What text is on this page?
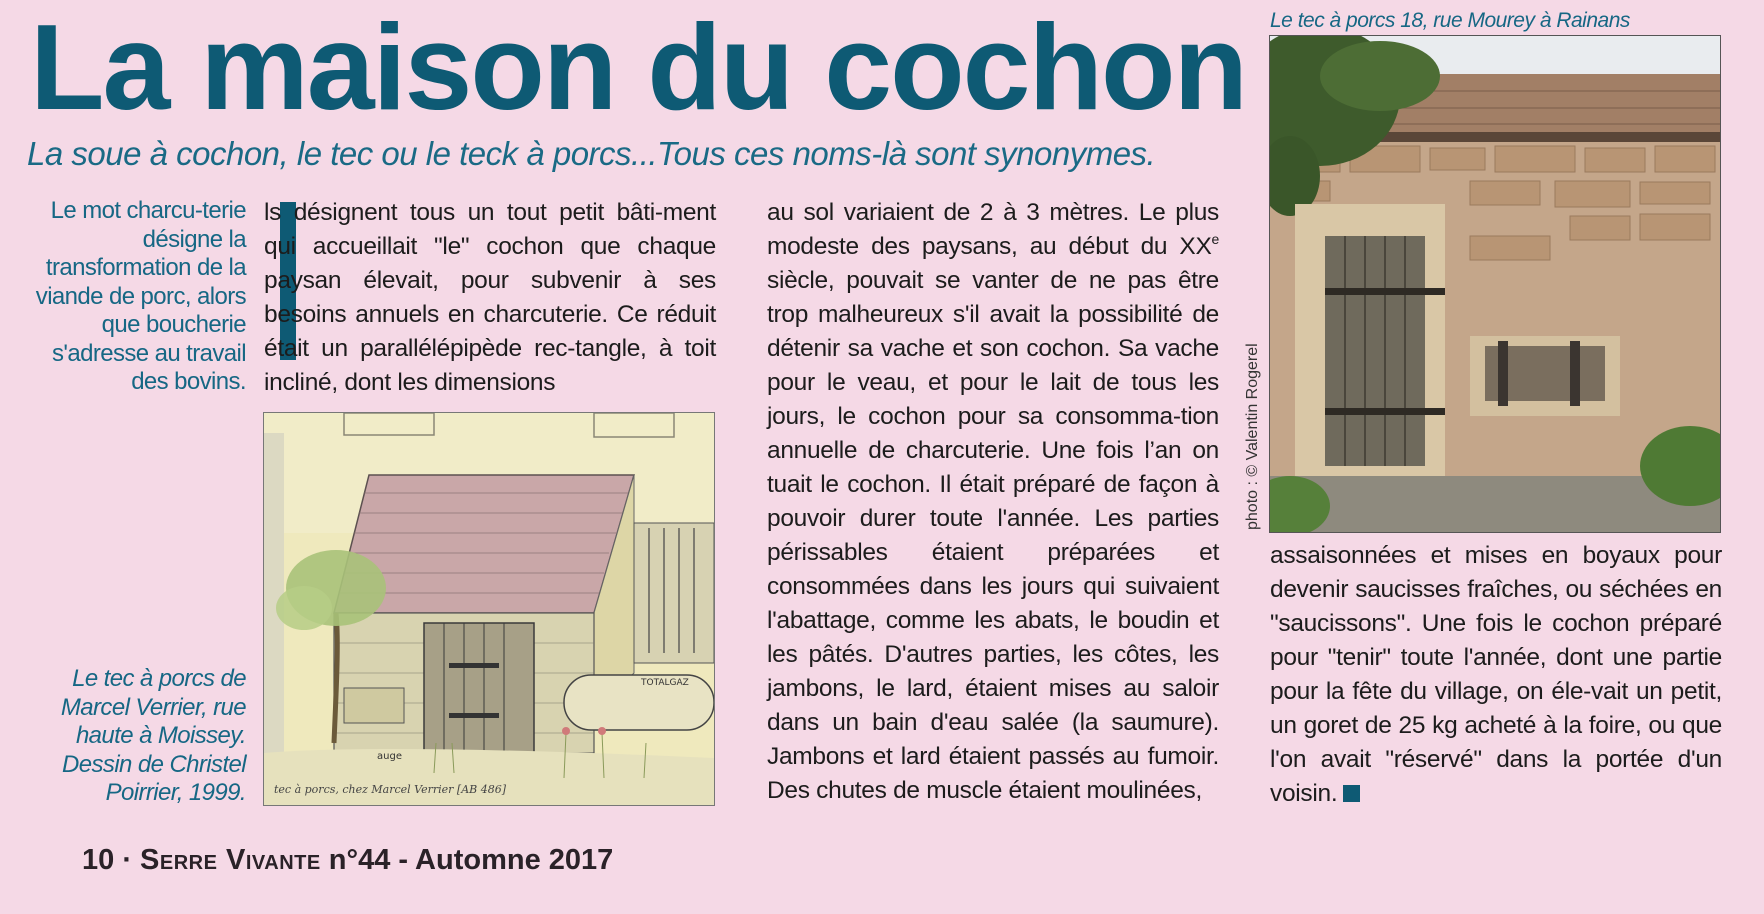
La maison du cochon
La soue à cochon, le tec ou le teck à porcs...Tous ces noms-là sont synonymes.
Le mot charcu-terie désigne la transformation de la viande de porc, alors que boucherie s'adresse au travail des bovins.
ls désignent tous un tout petit bâti-ment qui accueillait "le" cochon que chaque paysan élevait, pour subvenir à ses besoins annuels en charcuterie. Ce réduit était un parallélépipède rec-tangle, à toit incliné, dont les dimensions
au sol variaient de 2 à 3 mètres. Le plus modeste des paysans, au début du XXe siècle, pouvait se vanter de ne pas être trop malheureux s'il avait la possibilité de détenir sa vache et son cochon. Sa vache pour le veau, et pour le lait de tous les jours, le cochon pour sa consomma-tion annuelle de charcuterie. Une fois l’an on tuait le cochon. Il était préparé de façon à pouvoir durer toute l'année. Les parties périssables étaient préparées et consommées dans les jours qui suivaient l'abattage, comme les abats, le boudin et les pâtés. D'autres parties, les côtes, les jambons, le lard, étaient mises au saloir dans un bain d'eau salée (la saumure). Jambons et lard étaient passés au fumoir. Des chutes de muscle étaient moulinées,
assaisonnées et mises en boyaux pour devenir saucisses fraîches, ou séchées en "saucissons". Une fois le cochon préparé pour "tenir" toute l'année, dont une partie pour la fête du village, on éle-vait un petit, un goret de 25 kg acheté à la foire, ou que l'on avait "réservé" dans la portée d'un voisin.
auge
TOTALGAZ
tec à porcs, chez Marcel Verrier [AB 486]
Le tec à porcs de Marcel Verrier, rue haute à Moissey. Dessin de Christel Poirrier, 1999.
Le tec à porcs 18, rue Mourey à Rainans
photo : © Valentin Rogerel
10 · Serre Vivante n°44 - Automne 2017
